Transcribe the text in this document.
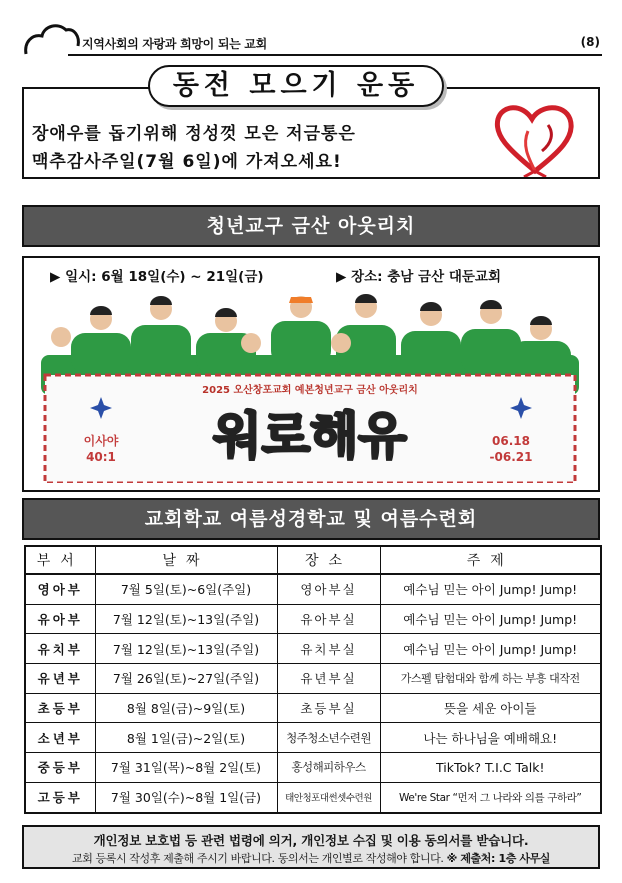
지역사회의 자랑과 희망이 되는 교회	(8)
장애우를 돕기위해 정성껏 모은 저금통은
맥추감사주일(7월 6일)에 가져오세요!
동전 모으기 운동
청년교구 금산 아웃리치
▶ 일시: 6월 18일(수) ~ 21일(금)	▶ 장소: 충남 금산 대둔교회
2025 오산창포교회 예본청년교구 금산 아웃리치
워로해유
이사야
40:1
06.18
-06.21
교회학교 여름성경학교 및 여름수련회
부서	날짜	장소	주제
영아부	7월 5일(토)~6일(주일)	영아부실	예수님 믿는 아이 Jump! Jump!
유아부	7월 12일(토)~13일(주일)	유아부실	예수님 믿는 아이 Jump! Jump!
유치부	7월 12일(토)~13일(주일)	유치부실	예수님 믿는 아이 Jump! Jump!
유년부	7월 26일(토)~27일(주일)	유년부실	가스펠 탐험대와 함께 하는 부흥 대작전
초등부	8월 8일(금)~9일(토)	초등부실	뜻을 세운 아이들
소년부	8월 1일(금)~2일(토)	청주청소년수련원	나는 하나님을 예배해요!
중등부	7월 31일(목)~8월 2일(토)	홍성해피하우스	TikTok? T.I.C Talk!
고등부	7월 30일(수)~8월 1일(금)	태안청포대썬셋수련원	We're Star “먼저 그 나라와 의를 구하라”
개인정보 보호법 등 관련 법령에 의거, 개인정보 수집 및 이용 동의서를 받습니다.
교회 등록시 작성후 제출해 주시기 바랍니다. 동의서는 개인별로 작성해야 합니다. ※ 제출처: 1층 사무실
